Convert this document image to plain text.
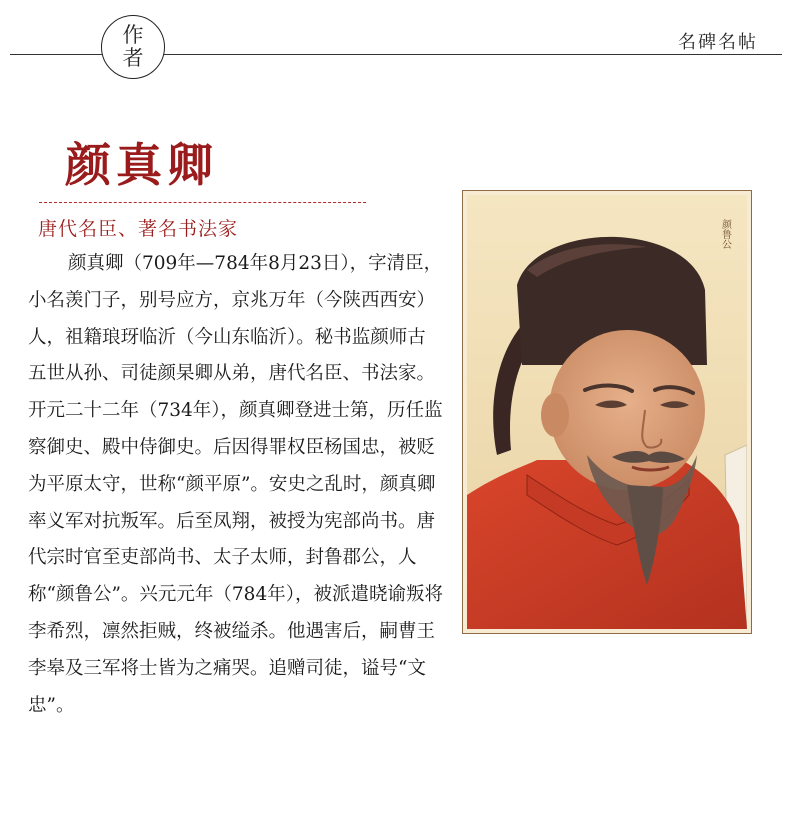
作
者
名碑名帖
颜真卿
唐代名臣、著名书法家

颜真卿（709年—784年8月23日），字清臣，小名羡门子，别号应方，京兆万年（今陕西西安）人，祖籍琅玡临沂（今山东临沂）。秘书监颜师古五世从孙、司徒颜杲卿从弟，唐代名臣、书法家。

开元二十二年（734年），颜真卿登进士第，历任监察御史、殿中侍御史。后因得罪权臣杨国忠，被贬为平原太守，世称“颜平原”。安史之乱时，颜真卿率义军对抗叛军。后至凤翔，被授为宪部尚书。唐代宗时官至吏部尚书、太子太师，封鲁郡公，人称“颜鲁公”。兴元元年（784年），被派遣晓谕叛将李希烈，凛然拒贼，终被缢杀。他遇害后，嗣曹王李皋及三军将士皆为之痛哭。追赠司徒，谥号“文忠”。

颜鲁公
